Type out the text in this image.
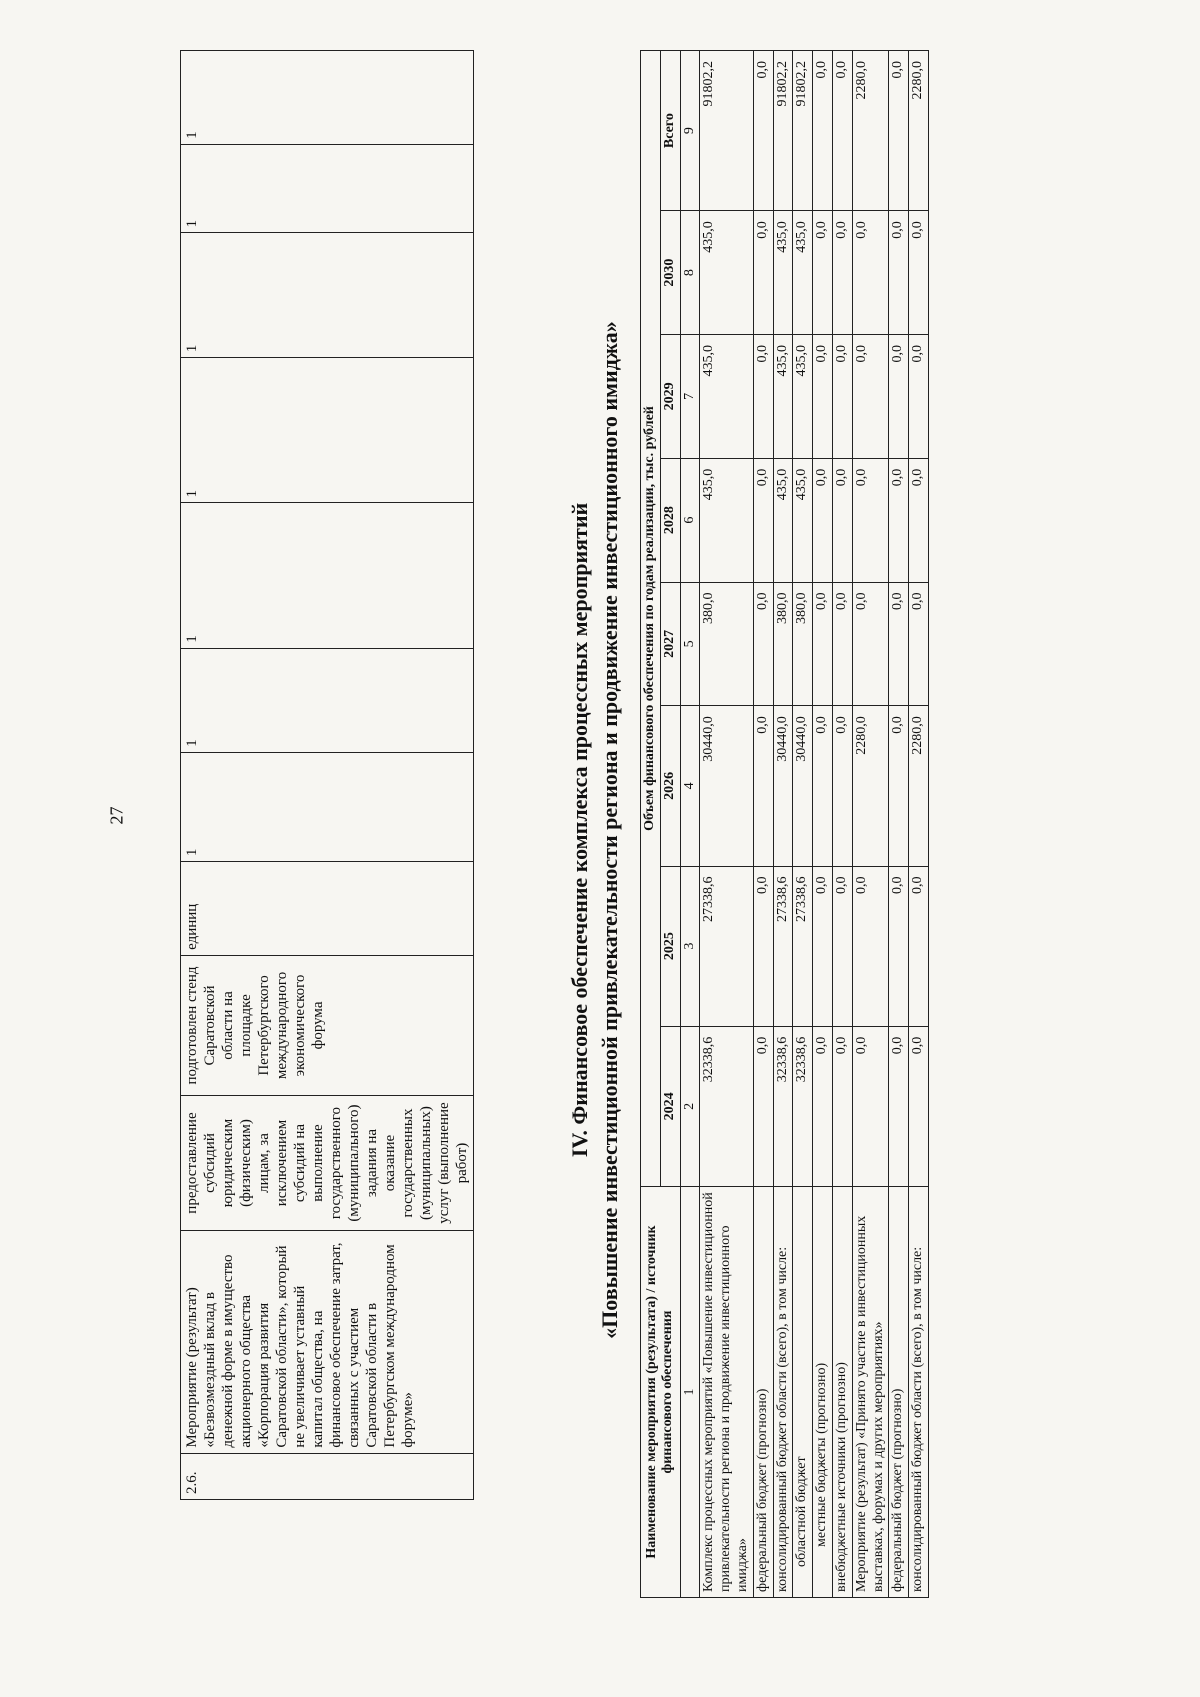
27
2.6.	Мероприятие (результат) «Безвозмездный вклад в денежной форме в имущество акционерного общества «Корпорация развития Саратовской области», который не увеличивает уставный капитал общества, на финансовое обеспечение затрат, связанных с участием Саратовской области в Петербургском международном форуме»	предоставление субсидий юридическим (физическим) лицам, за исключением субсидий на выполнение государственного (муниципального) задания на оказание государственных (муниципальных) услуг (выполнение работ)	подготовлен стенд Саратовской области на площадке Петербургского международного экономического форума	единиц	1	1	1	1	1	1	1
IV. Финансовое обеспечение комплекса процессных мероприятий «Повышение инвестиционной привлекательности региона и продвижение инвестиционного имиджа»
Наименование мероприятия (результата) / источник финансового обеспечения	Объем финансового обеспечения по годам реализации, тыс. рублей							
	2024	2025	2026	2027	2028	2029	2030	Всего
1	2	3	4	5	6	7	8	9
Комплекс процессных мероприятий «Повышение инвестиционной привлекательности региона и продвижение инвестиционного имиджа»	32338,6	27338,6	30440,0	380,0	435,0	435,0	435,0	91802,2
федеральный бюджет (прогнозно)	0,0	0,0	0,0	0,0	0,0	0,0	0,0	0,0
консолидированный бюджет области (всего), в том числе:	32338,6	27338,6	30440,0	380,0	435,0	435,0	435,0	91802,2
областной бюджет	32338,6	27338,6	30440,0	380,0	435,0	435,0	435,0	91802,2
местные бюджеты (прогнозно)	0,0	0,0	0,0	0,0	0,0	0,0	0,0	0,0
внебюджетные источники (прогнозно)	0,0	0,0	0,0	0,0	0,0	0,0	0,0	0,0
Мероприятие (результат) «Принято участие в инвестиционных выставках, форумах и других мероприятиях»	0,0	0,0	2280,0	0,0	0,0	0,0	0,0	2280,0
федеральный бюджет (прогнозно)	0,0	0,0	0,0	0,0	0,0	0,0	0,0	0,0
консолидированный бюджет области (всего), в том числе:	0,0	0,0	2280,0	0,0	0,0	0,0	0,0	2280,0
